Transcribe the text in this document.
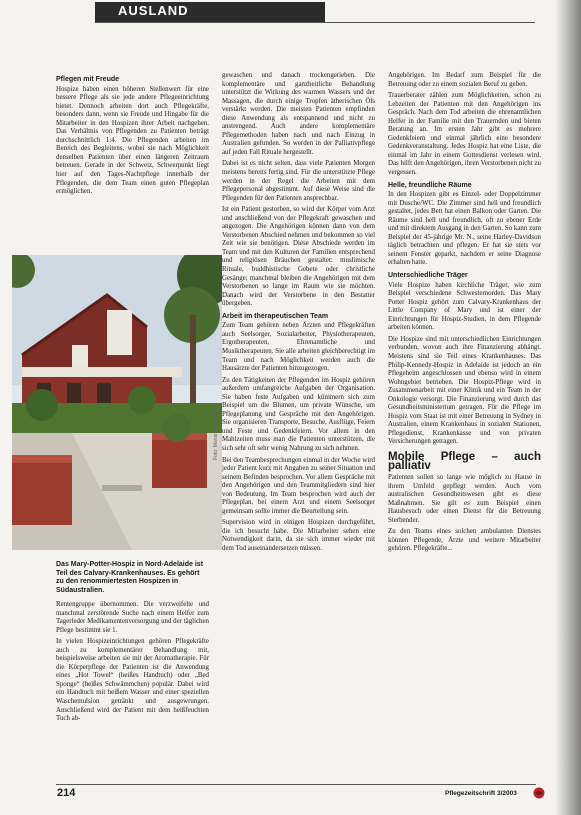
AUSLAND
Pflegen mit Freude

Hospize haben einen höheren Stellenwert für eine bessere Pflege als sie jede andere Pflegeeinrichtung bietet. Dennoch arbeiten dort auch Pflegekräfte, besonders dann, wenn sie Freude und Hingabe für die Mitarbeiter in den Hospizen ihrer Arbeit nachgehen. Das Verhältnis von Pflegenden zu Patienten beträgt durchschnittlich 1:4. Die Pflegenden arbeiten im Bereich des Begleitens, wobei sie nach Möglichkeit denselben Patienten über einen längeren Zeitraum betreuen. Gerade in der Schweiz, Schwerpunkt liegt hier auf den Tages-Nachtpflege innerhalb der Pflegenden, die dem Team einen guten Pflegeplan ermöglichen.

Foto: Marianne Schwarz
Das Mary-Potter-Hospiz in Nord-Adelaide ist Teil des Calvary-Krankenhauses. Es gehört zu den renommiertesten Hospizen in Südaustralien.

Rentengruppe übernommen. Die verzweifelte und manchmal zerstörende Suche nach einem Helfer zum Tagerleder Medikamentenversorgung und der täglichen Pflege bestimmt sie 1.

In vielen Hospizeinrichtungen gehören Pflegekräfte auch zu komplementärer Behandlung mit, beispielsweise arbeiten sie mit der Aromatherapie. Für die Körperpflege der Patienten ist die Anwendung eines „Hot Towel“ (heißes Handtuch) oder „Bed Sponge“ (heißes Schwämmchen) populär. Dabei wird ein Handtuch mit heißem Wasser und einer speziellen Waschemulsion getränkt und ausgewrungen. Anschließend wird der Patient mit dem heißfeuchten Tuch ab-

gewaschen und danach trockengerieben. Die komplementäre und ganzheitliche Behandlung unterstützt die Wirkung des warmen Wassers und der Massagen, die durch einige Tropfen ätherischen Öls verstärkt werden. Die meisten Patienten empfinden diese Anwendung als entspannend und nicht zu anstrengend. Auch andere komplementäre Pflegemethoden haben nach und nach Einzug in Australien gefunden. So werden in der Palliativpflege auf jeden Fall Rituale hergestellt.

Dabei ist es nicht selten, dass viele Patienten Morgen meistens bereits fertig sind. Für die unterstützte Pflege werden in der Regel die Arbeiten mit dem Pflegepersonal abgestimmt. Auf diese Weise sind die Pflegenden für den Patienten ansprechbar.

Ist ein Patient gestorben, so wird der Körper vom Arzt und anschließend von der Pflegekraft gewaschen und angezogen. Die Angehörigen können dann von dem Verstorbenen Abschied nehmen und bekommen so viel Zeit wie sie benötigen. Diese Abschiede werden im Team und mit den Kulturen der Familien entsprechend und religiösen Bräuchen gestaltet: muslimische Rituale, buddhistische Gebete oder christliche Gesänge; manchmal bleiben die Angehörigen mit dem Verstorbenen so lange im Raum wie sie möchten. Danach wird der Verstorbene in den Bestatter übergeben.

Arbeit im therapeutischen Team

Zum Team gehören neben Ärzten und Pflegekräften auch Seelsorger, Sozialarbeiter, Physiotherapeuten, Ergotherapeuten, Ehrenamtliche und Musiktherapeuten. Sie alle arbeiten gleichberechtigt im Team und nach Möglichkeit werden auch die Hausärzte der Patienten hinzugezogen.

Zu den Tätigkeiten der Pflegenden im Hospiz gehören außerdem umfangreiche Aufgaben der Organisation. Sie haben feste Aufgaben und kümmern sich zum Beispiel um die Blumen, um private Wünsche, um Pflegeplanung und Gespräche mit den Angehörigen. Sie organisieren Transporte, Besuche, Ausflüge, Feiern und Feste und Gedenkfeiern. Vor allem in den Mahlzeiten muss man die Patienten unterstützen, die sich sehr oft sehr wenig Nahrung zu sich nehmen.

Bei den Teambesprechungen einmal in der Woche wird jeder Patient kurz mit Angaben zu seiner Situation und seinem Befinden besprochen. Vor allem Gespräche mit den Angehörigen und den Teammitgliedern sind hier von Bedeutung. Im Team besprochen wird auch der Pflegeplan, bei einem Arzt und einem Seelsorger gemeinsam sollte immer die Beurteilung sein.

Supervision wird in einigen Hospizen durchgeführt, die ich besucht habe. Die Mitarbeiter sehen eine Notwendigkeit darin, da sie sich immer wieder mit dem Tod auseinandersetzen müssen.

Angehörigen. Im Bedarf zum Beispiel für die Betreuung oder zu einem sozialen Beruf zu geben.

Trauerberater zählen zum Möglichkeiten, schon zu Lebzeiten der Patienten mit den Angehörigen ins Gespräch. Nach dem Tod arbeiten die ehrenamtlichen Helfer in der Familie mit den Trauernden und bieten Beratung an. Im ersten Jahr gibt es mehrere Gedenkfeiern und einmal jährlich eine besondere Gedenkveranstaltung. Jedes Hospiz hat eine Liste, die einmal im Jahr in einem Gottesdienst verlesen wird. Das hilft den Angehörigen, ihren Verstorbenen nicht zu vergessen.

Helle, freundliche Räume

In den Hospizen gibt es Einzel- oder Doppelzimmer mit Dusche/WC. Die Zimmer sind hell und freundlich gestaltet, jedes Bett hat einen Balkon oder Garten. Die Räume sind hell und freundlich, oft zu ebener Erde und mit direktem Ausgang in den Garten. So kann zum Beispiel der 45-jährige Mr. N., seine Harley-Davidson täglich betrachten und pflegen. Er hat sie stets vor seinem Fenster geparkt, nachdem er seine Diagnose erhalten hatte.

Unterschiedliche Träger

Viele Hospize haben kirchliche Träger, wie zum Beispiel verschiedene Schwesternorden. Das Mary Potter Hospiz gehört zum Calvary-Krankenhaus der Little Company of Mary und ist einer der Einrichtungen für Hospiz-Studien, in dem Pflegende arbeiten können.

Die Hospize sind mit unterschiedlichen Einrichtungen verbunden, wovon auch ihre Finanzierung abhängt. Meistens sind sie Teil eines Krankenhauses. Das Philip-Kennedy-Hospiz in Adelaide ist jedoch an ein Pflegeheim angeschlossen und ebenso wird in einem Wohngebiet betrieben. Die Hospiz-Pflege wird in Zusammenarbeit mit einer Klinik und ein Team in der Onkologie versorgt. Die Finanzierung wird durch das Gesundheitsministerium getragen. Für die Pflege im Hospiz vom Staat ist mit einer Betreuung in Sydney in Australien, einem Krankenhaus in sozialen Stationen, Pflegedienst, Krankenkasse und von privaten Versicherungen getragen.

Mobile Pflege – auch palliativ

Patienten sollen so lange wie möglich zu Hause in ihrem Umfeld gepflegt werden. Auch vom australischen Gesundheitswesen gibt es diese Maßnahmen. Sie gilt es zum Beispiel einen Hausbesuch oder einen Dienst für die Betreuung Sterbender.

Zu den Teams eines solchen ambulanten Dienstes können Pflegende, Ärzte und weitere Mitarbeiter gehören. Pflegekräfte...

214	Pflegezeitschrift 3/2003
